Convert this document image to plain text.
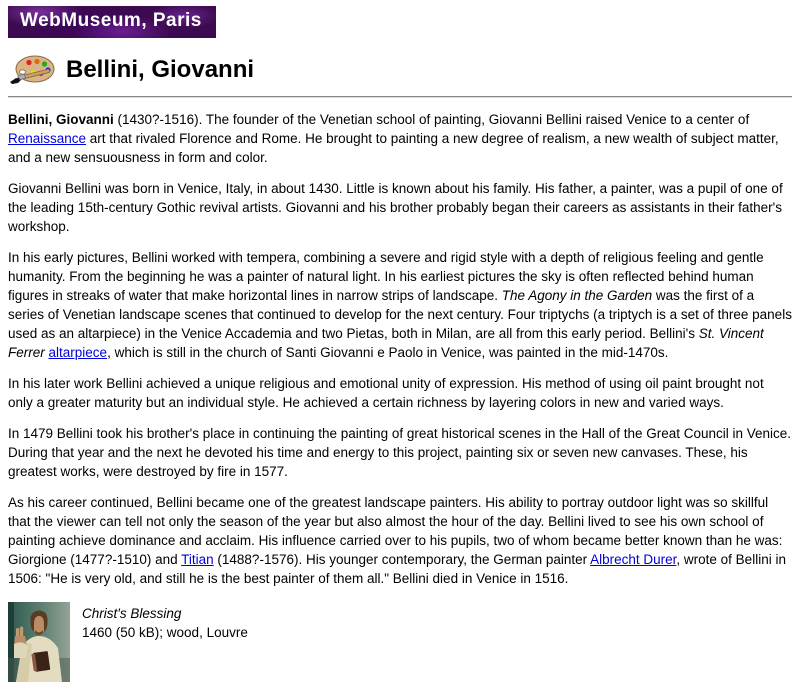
WebMuseum, Paris
Bellini, Giovanni

Bellini, Giovanni (1430?-1516). The founder of the Venetian school of painting, Giovanni Bellini raised Venice to a center of Renaissance art that rivaled Florence and Rome. He brought to painting a new degree of realism, a new wealth of subject matter, and a new sensuousness in form and color.

Giovanni Bellini was born in Venice, Italy, in about 1430. Little is known about his family. His father, a painter, was a pupil of one of the leading 15th-century Gothic revival artists. Giovanni and his brother probably began their careers as assistants in their father's workshop.

In his early pictures, Bellini worked with tempera, combining a severe and rigid style with a depth of religious feeling and gentle humanity. From the beginning he was a painter of natural light. In his earliest pictures the sky is often reflected behind human figures in streaks of water that make horizontal lines in narrow strips of landscape. The Agony in the Garden was the first of a series of Venetian landscape scenes that continued to develop for the next century. Four triptychs (a triptych is a set of three panels used as an altarpiece) in the Venice Accademia and two Pietas, both in Milan, are all from this early period. Bellini's St. Vincent Ferrer altarpiece, which is still in the church of Santi Giovanni e Paolo in Venice, was painted in the mid-1470s.

In his later work Bellini achieved a unique religious and emotional unity of expression. His method of using oil paint brought not only a greater maturity but an individual style. He achieved a certain richness by layering colors in new and varied ways.

In 1479 Bellini took his brother's place in continuing the painting of great historical scenes in the Hall of the Great Council in Venice. During that year and the next he devoted his time and energy to this project, painting six or seven new canvases. These, his greatest works, were destroyed by fire in 1577.

As his career continued, Bellini became one of the greatest landscape painters. His ability to portray outdoor light was so skillful that the viewer can tell not only the season of the year but also almost the hour of the day. Bellini lived to see his own school of painting achieve dominance and acclaim. His influence carried over to his pupils, two of whom became better known than he was: Giorgione (1477?-1510) and Titian (1488?-1576). His younger contemporary, the German painter Albrecht Durer, wrote of Bellini in 1506: "He is very old, and still he is the best painter of them all." Bellini died in Venice in 1516.

Christ's Blessing
1460 (50 kB); wood, Louvre
